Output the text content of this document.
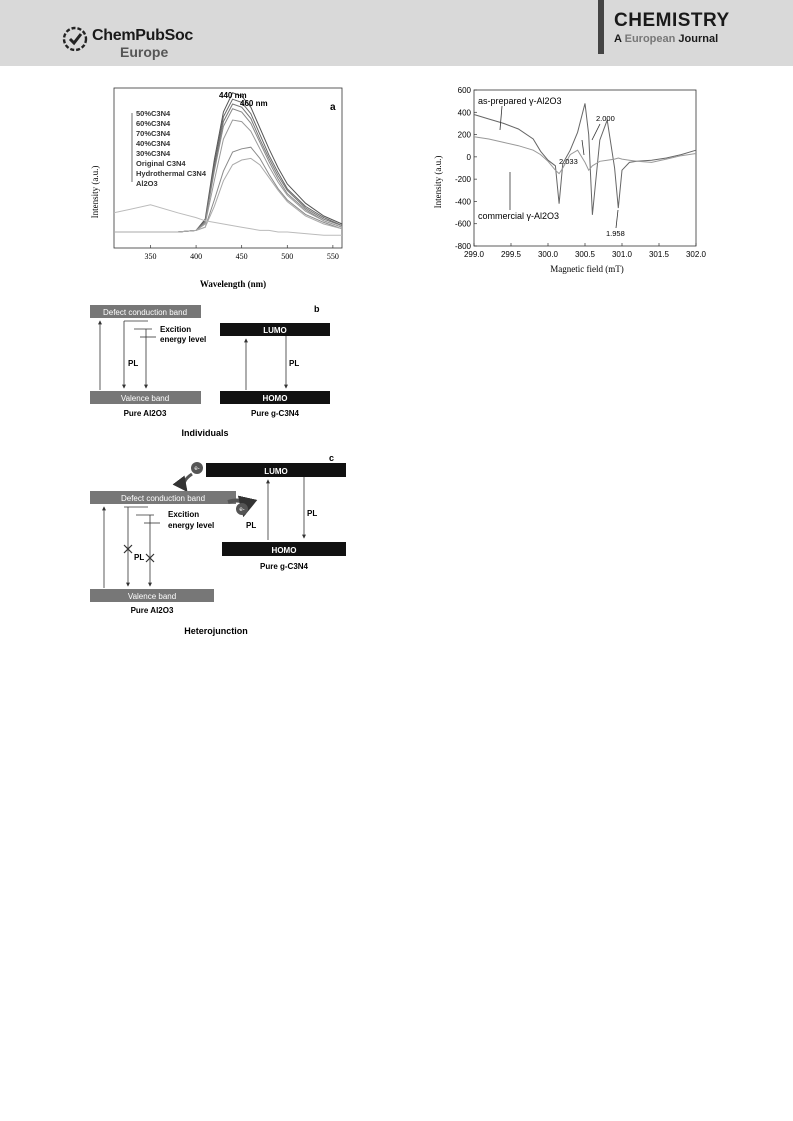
ChemPubSoc
Europe
CHEMISTRY
A European Journal
350	400	450	500	550
a
440 nm
460 nm
50%C3N4
60%C3N4
70%C3N4
40%C3N4
30%C3N4
Original C3N4
Hydrothermal C3N4
Al2O3
Intensity (a.u.)
Wavelength (nm)
299.0 299.5 300.0 300.5 301.0 301.5 302.0
-800
-600
-400
-200
0
200
400
600
as-prepared γ-Al2O3
commercial γ-Al2O3
2.033
2.000
1.958
Intensity (a.u.)
Magnetic field (mT)
Defect conduction band	b
Excition
energy level
PL
Valence band
Pure Al2O3
LUMO
PL
HOMO
Pure g-C3N4
Individuals
c
LUMO
e-
Defect conduction band
e-
Excition
energy level
PL
PL
PL
HOMO
Pure g-C3N4
Valence band
Pure Al2O3
Heterojunction
